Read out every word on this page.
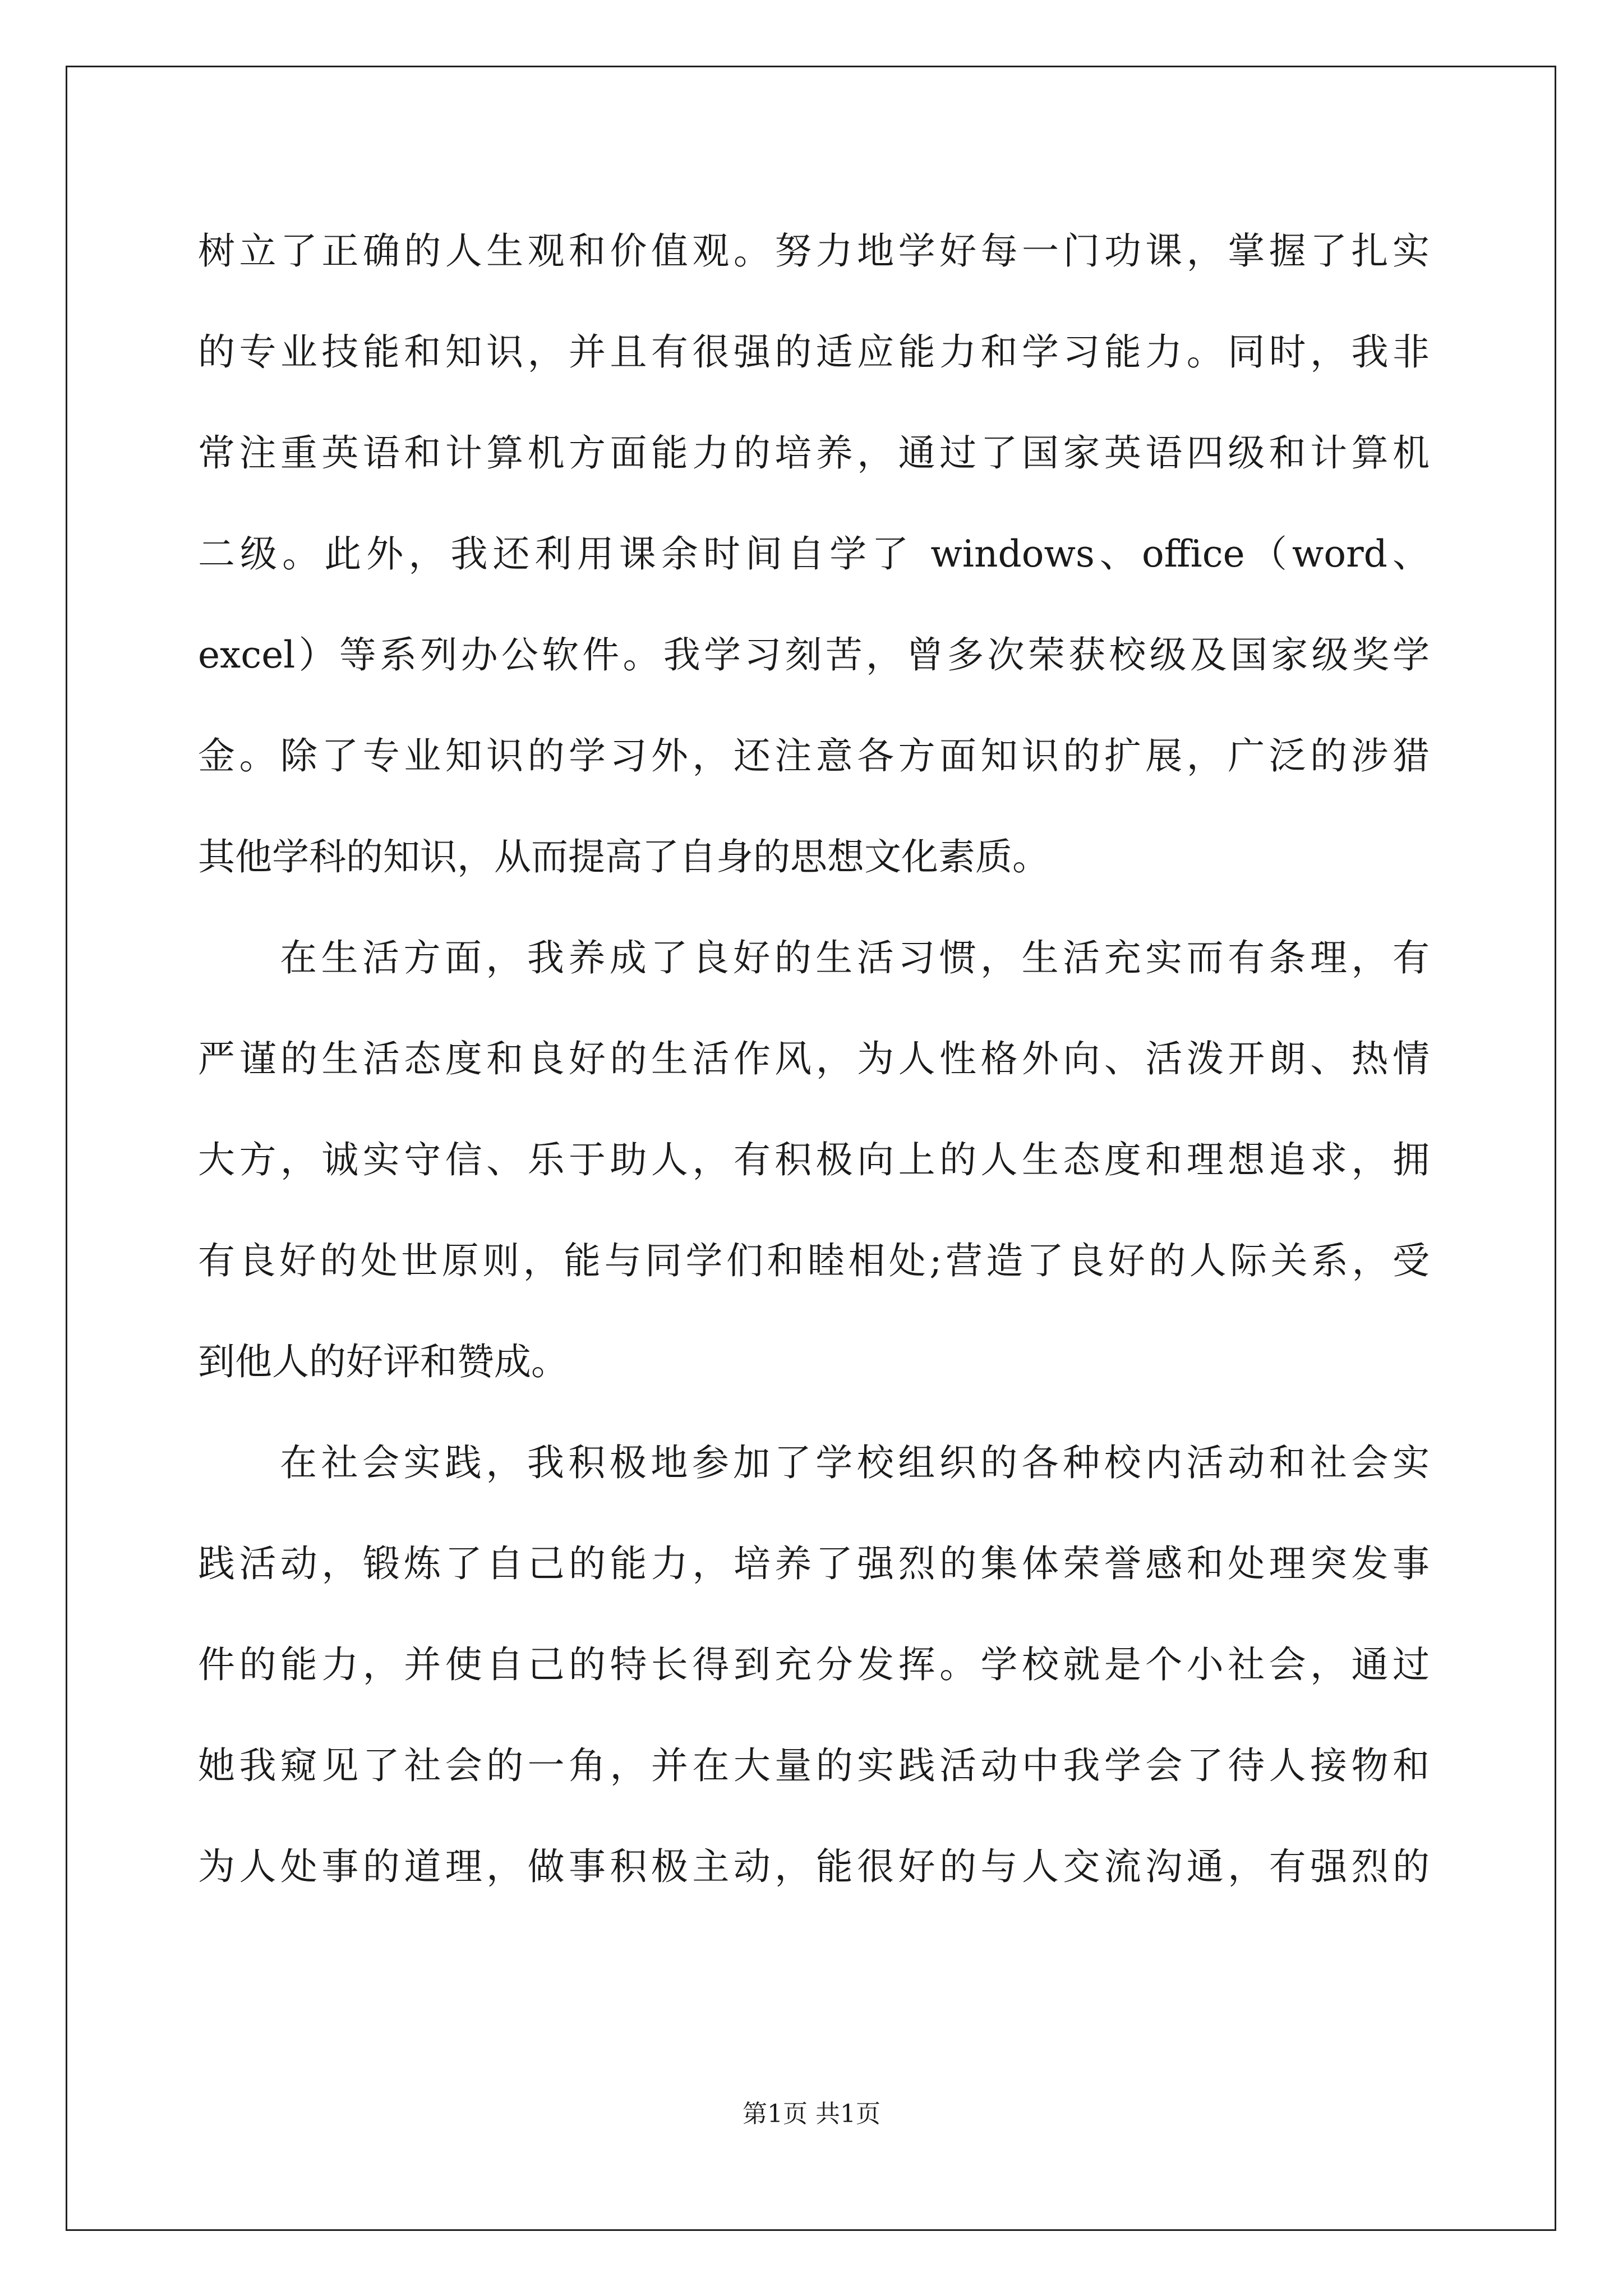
树立了正确的人生观和价值观。努力地学好每一门功课，掌握了扎实
的专业技能和知识，并且有很强的适应能力和学习能力。同时，我非
常注重英语和计算机方面能力的培养，通过了国家英语四级和计算机
二级。此外，我还利用课余时间自学了 windows、office（word、
excel）等系列办公软件。我学习刻苦，曾多次荣获校级及国家级奖学
金。除了专业知识的学习外，还注意各方面知识的扩展，广泛的涉猎
其他学科的知识，从而提高了自身的思想文化素质。
在生活方面，我养成了良好的生活习惯，生活充实而有条理，有
严谨的生活态度和良好的生活作风，为人性格外向、活泼开朗、热情
大方，诚实守信、乐于助人，有积极向上的人生态度和理想追求，拥
有良好的处世原则，能与同学们和睦相处;营造了良好的人际关系，受
到他人的好评和赞成。
在社会实践，我积极地参加了学校组织的各种校内活动和社会实
践活动，锻炼了自己的能力，培养了强烈的集体荣誉感和处理突发事
件的能力，并使自己的特长得到充分发挥。学校就是个小社会，通过
她我窥见了社会的一角，并在大量的实践活动中我学会了待人接物和
为人处事的道理，做事积极主动，能很好的与人交流沟通，有强烈的
第1页 共1页
